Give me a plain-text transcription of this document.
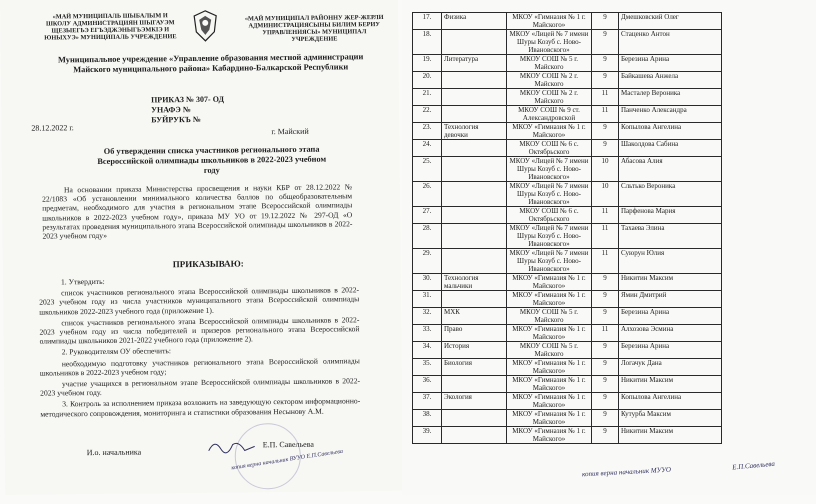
«МАЙ МУНИЦИПАЛЬ ШЫБАЛЫМ И ШКОЛУ АДМИНИСТРАЦИЯН ШЫГАУЭМ ЩЕЗЫЕГЬЭ ЕГЪЭДЖЭНЫГЬЭМКІЭ И ЮНЫХУЭ» МУНИЦИПАЛЬ УЧРЕЖДЕНИЕ
«МАЙ МУНИЦИПАЛ РАЙОННУ ЖЕР-ЖЕРЛИ АДМИНИСТРАЦИЯСЫНЫ БИЛИМ БЕРИУ УПРАВЛЕНИЯСЫ» МУНИЦИПАЛ УЧРЕЖДЕНИЕ
Муниципальное учреждение «Управление образования местной администрации Майского муниципального района» Кабардино-Балкарской Республики
ПРИКАЗ № 307- ОД
УНАФЭ №
БУЙРУКЪ №
28.12.2022 г.	г. Майский
Об утверждении списка участников регионального этапа Всероссийской олимпиады школьников в 2022-2023 учебном году
На основании приказа Министерства просвещения и науки КБР от 28.12.2022 № 22/1083 «Об установлении минимального количества баллов по общеобразовательным предметам, необходимого для участия в региональном этапе Всероссийской олимпиады школьников в 2022-2023 учебном году», приказа МУ УО от 19.12.2022 № 297-ОД «О результатах проведения муниципального этапа Всероссийской олимпиады школьников в 2022-2023 учебном году»
ПРИКАЗЫВАЮ:

1. Утвердить:

список участников регионального этапа Всероссийской олимпиады школьников в 2022-2023 учебном году из числа участников муниципального этапа Всероссийской олимпиады школьников 2022-2023 учебного года (приложение 1).

список участников регионального этапа Всероссийской олимпиады школьников в 2022-2023 учебном году из числа победителей и призеров регионального этапа Всероссийской олимпиады школьников 2021-2022 учебного года (приложение 2).

2. Руководителям ОУ обеспечить:

необходимую подготовку участников регионального этапа Всероссийской олимпиады школьников в 2022-2023 учебном году;

участие учащихся в региональном этапе Всероссийской олимпиады школьников в 2022-2023 учебном году.

3. Контроль за исполнением приказа возложить на заведующую сектором информационно-методического сопровождения, мониторинга и статистики образования Несынову А.М.

И.о. начальника
Е.П. Савельева
копия верна начальник ВУУО Е.П.Савельева
17.	Физика	МКОУ «Гимназия № 1 г. Майского»	9	Дмешковский Олег
18.		МКОУ «Лицей № 7 имени Шуры Козуб с. Ново-Ивановского»	9	Стаценко Антон
19.	Литература	МКОУ СОШ № 5 г. Майского	9	Березина Арина
20.		МКОУ СОШ № 2 г. Майского	9	Байкашева Анжела
21.		МКОУ СОШ № 2 г. Майского	11	Масталер Вероника
22.		МКОУ СОШ № 9 ст. Александровской	11	Панченко Александра
23.	Технология девочки	МКОУ «Гимназия № 1 г. Майского»	9	Копылова Ангелина
24.		МКОУ СОШ № 6 с. Октябрьского	9	Шаколдова Сабина
25.		МКОУ «Лицей № 7 имени Шуры Козуб с. Ново-Ивановского»	10	Абасова Алия
26.		МКОУ «Лицей № 7 имени Шуры Козуб с. Ново-Ивановского»	10	Сльтько Вероника
27.		МКОУ СОШ № 6 с. Октябрьского	11	Парфенова Мария
28.		МКОУ «Лицей № 7 имени Шуры Козуб с. Ново-Ивановского»	11	Тахаева Элина
29.		МКОУ «Лицей № 7 имени Шуры Козуб с. Ново-Ивановского»	11	Суюрун Юлия
30.	Технология мальчики	МКОУ «Гимназия № 1 г. Майского»	9	Никитин Максим
31.		МКОУ «Гимназия № 1 г. Майского»	9	Ямин Дмитрий
32.	МХК	МКОУ СОШ № 5 г. Майского	9	Березина Арина
33.	Право	МКОУ «Гимназия № 1 г. Майского»	11	Алхозова Эсмина
34.	История	МКОУ СОШ № 5 г. Майского	9	Березина Арина
35.	Биология	МКОУ «Гимназия № 1 г. Майского»	9	Логачук Дана
36.		МКОУ «Гимназия № 1 г. Майского»	9	Никитин Максим
37.	Экология	МКОУ «Гимназия № 1 г. Майского»	9	Копылова Ангелина
38.		МКОУ «Гимназия № 1 г. Майского»	9	Кутурба Максим
39.		МКОУ «Гимназия № 1 г. Майского»	9	Никитин Максим
копия верна начальник МУУО
Е.П.Савельева
